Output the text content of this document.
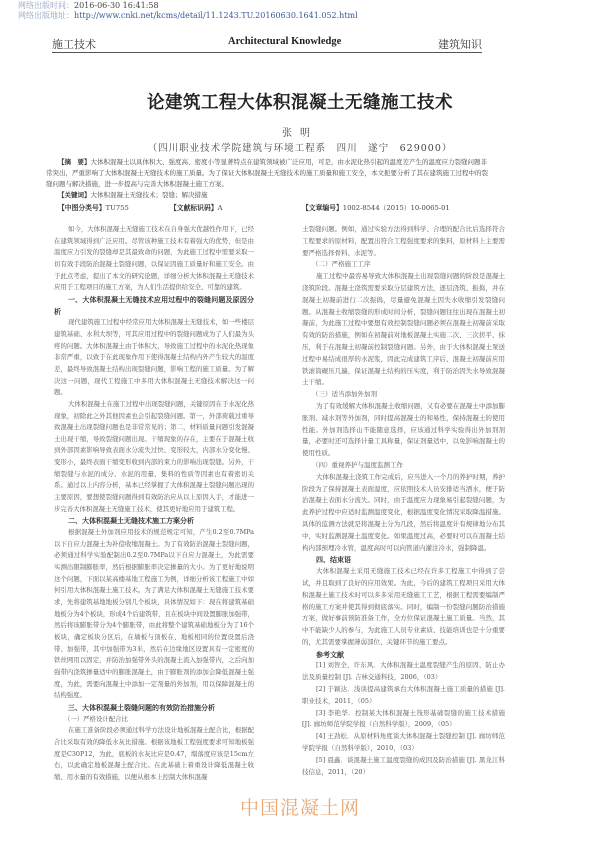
网络出版时间：2016-06-30 16:41:58
网络出版地址：http://www.cnki.net/kcms/detail/11.1243.TU.20160630.1641.052.html
施工技术	Architectural Knowledge	建筑知识
论建筑工程大体积混凝土无缝施工技术
张明
（四川职业技术学院建筑与环境工程系　四川　遂宁　629000）

【摘　要】大体积混凝土以具体积大、强度高、密度小等显著特点在建筑领域被广泛应用，可是，由水泥化热引起的温度差产生的温度应力裂缝问题非常突出，严重影响了大体积混凝土无缝技术的施工质量。为了保证大体积混凝土无缝技术的施工质量和施工安全，本文扼要分析了其在建筑施工过程中的裂缝问题与解决措施，进一步提高与完善大体积混凝土施工方案。

【关键词】大体积混凝土无缝技术；裂缝；解决措施
【中图分类号】TU755	【文献标识码】A	【文章编号】1002-8544（2015）10-0065-01

如今，大体积混凝土无缝施工技术在自身强大优越性作用下，已经在建筑领域得到广泛应用。尽管该种施工技术有着强大的优势，但是由温度应力引发的裂缝却是其最致命的问题，为此施工过程中需要采取一切有效手段防治混凝土裂缝问题，以保证因施工质量好和施工安全。由于此点考虑，提出了本文的研究论题，详细分析大体积混凝土无缝技术应用于工程项目的施工方案，为人们生活提供给安全、可靠的建筑。

一、大体积混凝土无缝技术应用过程中的裂缝问题及原因分析

现代建筑施工过程中经常应用大体积混凝土无缝技术，如一些楼层建筑基础、水利大坝等，可其应用过程中的裂缝问题成为了人们最为头疼的问题。大体积混凝土由于体积大，导致施工过程中的水泥化热现象非常严重，以致于在此现象作用下使得混凝土结构内外产生较大的温度差，最终导致混凝土结构出现裂缝问题，影响工程的施工质量。为了解决这一问题，现代工程施工中多用大体积混凝土无缝技术解决这一问题。

大体积混凝土在施工过程中出现裂缝问题，关键原因在于水泥化热现象，初除此之外其他因素也会引起裂缝问题。第一，外部荷载过重导致混凝土出现裂缝问题也是非常常见的；第二，材料质量问题引发混凝土出现干缩，导致裂缝问题出现。干缩现象的存在，主要在于混凝土收到外部因素影响导致表面水分流失过快、变形较大，内部水分变化慢、变形小，最终表面干缩变形收到内部的束力的影响出现裂缝。另外，干缩裂缝与水泥的成分、水泥的用量、集料的性质等因素也有着密切关系。通过以上内容分析，基本已经掌握了大体积混凝土裂缝问题出现的主要原因，要想使裂缝问题得到有效防治应从以上原因入手，才能进一步完善大体积混凝土无缝施工技术，使其更好地应用于建筑工程。

二、大体积混凝土无缝技术施工方案分析

根据混凝土外加剂应用技术的规范规定可知，产生0.2至0.7MPa以下自应力混凝土为补偿收缩混凝土。为了有效防治混凝土裂缝问题，必须通过科学实验配制出0.2至0.7MPa以下自应力混凝土，为此需要实测出限制膨胀率，然后根据膨胀率决定掺量的大小。为了更好地说明这个问题，下面以某高楼基地工程施工为例，详细分析该工程施工中如何引用大体积混凝土施工技术。为了满足大体积混凝土无缝施工技术要求，先将建筑基地地板分别几个板块，具体情况如下：现在将建筑基础地板分为4个板块，形成4个后建筑带，且在板块中间设置膨胀加强带，然后将该膨胀带分为4个膨胀带，由此将整个建筑基础地板分为了16个板块，确定板块分区后，在墙板与顶板在、地板相同的位置设置后浇带、加强带，其中加强带为3米，然后在边缘地区设置具有一定密度的铁丝网用以固定，并防治加强带外头的混凝土流入加强带内，之后向加强带内浇筑掺量适中的膨胀混凝土，由于膨胀剂的添加会降低混凝土强度，为此，需要向混凝土中添加一定剂量的外加剂，用以保障混凝土的结构强度。

三、大体积混凝土裂缝问题的有效防治措施分析

（一）严格设计配合比

在施工准备阶段必须通过科学方法设计地板混凝土配合比，根据配合比采取有效的降低水灰比措施。根据该地板工程强度要求可知地板强度是C30P12，为此，底板的水灰比应是0.47，塌落度应该是15cm左右，以此确定地板混凝土配合比。在此基础上着重设计降低混凝土收缩、用水量的有效措施，以便从根本上控制大体积混凝

土裂缝问题。例如，通过实验方法得到科学、合理的配合比后选择符合工程要求的原材料，配置出符合工程强度要求的集料，原材料上主要需要严格选择骨料、水泥等。

（二）严格施工工序

施工过程中最容易导致大体积混凝土出现裂缝问题的阶段是混凝土浇筑阶段。混凝土浇筑需要采取分层建筑方法，逐层浇筑、振捣，并在混凝土初凝前进行二次振捣，尽量避免混凝土因失水收缩引发裂缝问题。从混凝土收缩裂缝的形成时间分析，裂缝问题往往出现在混凝土初凝前，为此施工过程中要想有效控制裂缝问题必须在混凝土初凝前采取有效的防治措施，例如在初凝前对地板混凝土实施二次、三次搓平、抹压，利于在混凝土初凝前控制裂缝问题。另外，由于大体积混凝土泵送过程中易结成很厚的水泥浆，因此完成建筑工序后、混凝土初凝前应用铁滚筒碾压几遍，保证混凝土结构的压实度，利于防治因失水导致混凝土干缩。

（三）适当添加外加剂

为了有效缓解大体积混凝土收缩问题，又有必要在混凝土中添加膨胀剂、减水剂等外加剂，同时提高混凝土的和易性，保持混凝土的使用性能。外加剂选择山不能随意选择，应该通过科学实验得出外加剂剂量，必要时还可选择计量工具称量，保证剂量适中，以免影响混凝土的使用性质。

（四）重视养护与温度监测工作

大体积混凝土浇筑工作完成后，应当进入一个月的养护时期，养护阶段为了保持混凝土表面湿度，应依照技术人员安排适当洒水，便于防治混凝土表面水分流失。同时，由于温度应力现象易引起裂缝问题，为此养护过程中应适时监测温度变化，根据温度变化情况采取降温措施。具体的监测方法就是将混凝土分为几段，然后将温度计有规律地分布其中，实时监测混凝土温度变化。如果温度过高，必要时可以在混凝土结构内部预埋冷水管，温度高时可以向管道内灌注冷水，强制降温。

四、结束语

大体积混凝土采用无缝施工技术已经在许多工程施工中得到了尝试，并且取到了良好的应用效果。为此，今后的建筑工程项目采用大体积混凝土施工技术时可以多多采用无缝施工工艺，根据工程需要编制严格的施工方案并使其得到彻底落实。同时，编制一份裂缝问题防治措施方案，做好事前预防准备工作，全方位保证混凝土施工质量。当然，其中不能缺少人的参与，为此施工人员专业素质、技能培训也是十分重要的，尤其需要掌握薄弱部位、关键环节的施工要点。

参考文献

[1] 刘智全，许东风．大体积混凝土温度裂缝产生的原因、防止办法及质量控制 [J]. 吉林交通科技，2006，（03）

[2] 于颖达．浅谈提高建筑承台大体积混凝土施工质量的措施 [J]. 职业技术，2011，（05）

[3] 李艳华．控制某大体积混凝土筏形基础裂缝的施工技术措施 [J]. 廊坊师范学院学报（自然科学版），2009，（05）

[4] 王劲松．从原材料角度谈大体积混凝土裂缝控制 [J]. 廊坊师范学院学报（自然科学版），2010，（03）

[5] 晨鑫．谈混凝土施工温度裂缝的成因及防治措施 [J]. 黑龙江科技信息，2011，（20）

中国混凝土网
